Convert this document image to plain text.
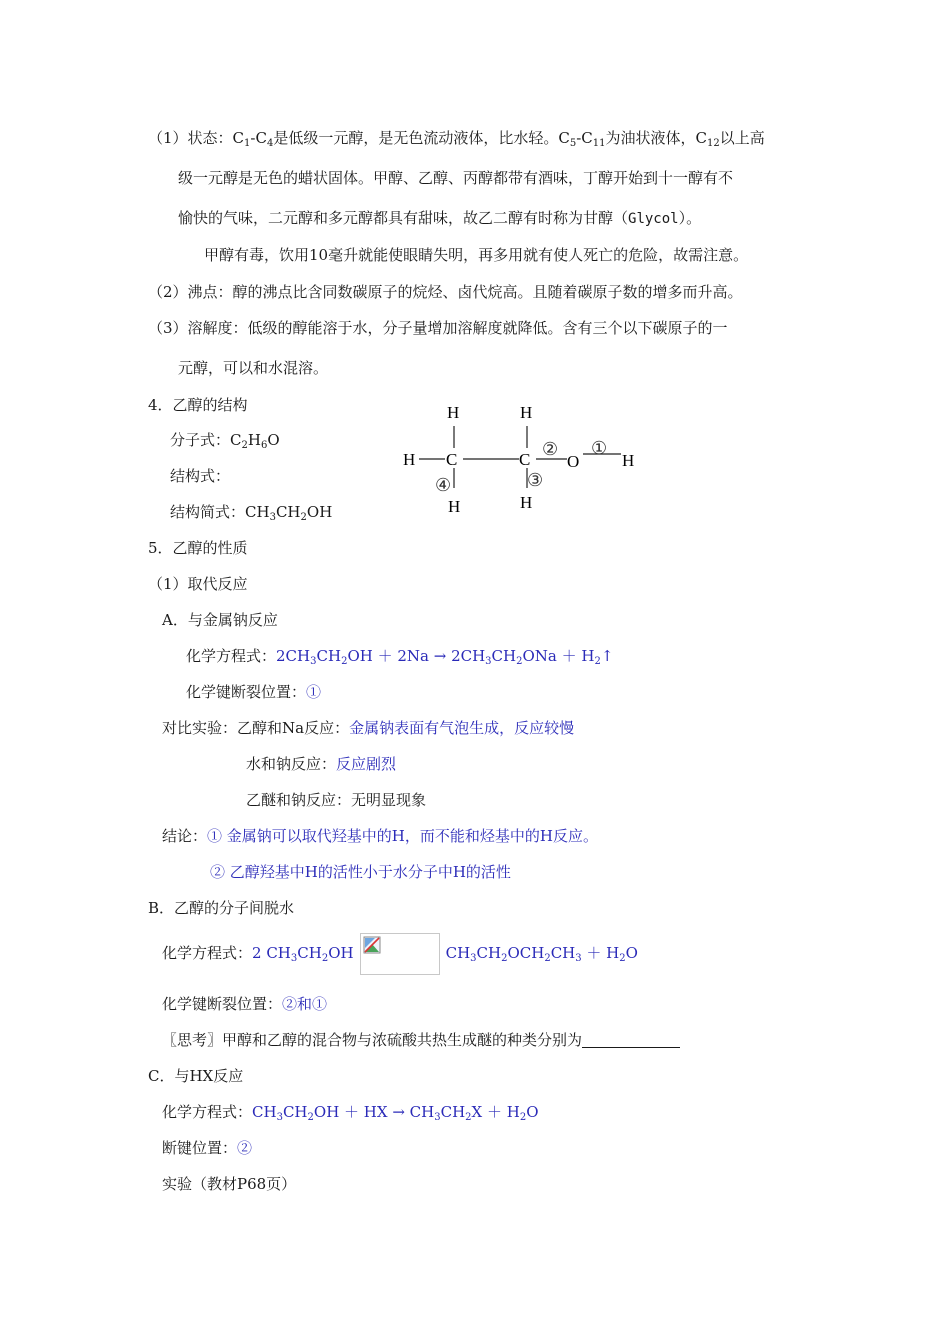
（1）状态：$C_1-C_4$是低级一元醇，是无色流动液体，比水轻。$C_5-C_{11}$为油状液体，$C_{12}$以上高
级一元醇是无色的蜡状固体。甲醇、乙醇、丙醇都带有酒味，丁醇开始到十一醇有不
愉快的气味，二元醇和多元醇都具有甜味，故乙二醇有时称为甘醇（Glycol）。
甲醇有毒，饮用10毫升就能使眼睛失明，再多用就有使人死亡的危险，故需注意。
（2）沸点：醇的沸点比含同数碳原子的烷烃、卤代烷高。且随着碳原子数的增多而升高。
（3）溶解度：低级的醇能溶于水，分子量增加溶解度就降低。含有三个以下碳原子的一
元醇，可以和水混溶。
4．乙醇的结构
分子式：$C_2H_6O$
结构式：
结构简式：$CH_3CH_2OH$
H	H
H C	C O	H
H	H
①
②
③
④
5．乙醇的性质
（1）取代反应
A．与金属钠反应
化学方程式：$2CH_3CH_2OH + 2Na \to 2CH_3CH_2ONa$ ＋ $H_2↑$
化学键断裂位置：①
对比实验：乙醇和Na反应：金属钠表面有气泡生成，反应较慢
水和钠反应：反应剧烈
乙醚和钠反应：无明显现象
结论：① 金属钠可以取代羟基中的H，而不能和烃基中的H反应。
② 乙醇羟基中H的活性小于水分子中H的活性
B．乙醇的分子间脱水
化学方程式：2 $CH_3CH_2OH$	$CH_3CH_2OCH_2CH_3 + H_2O$
化学键断裂位置：②和①
〖思考〗甲醇和乙醇的混合物与浓硫酸共热生成醚的种类分别为
C．与HX反应
化学方程式：$CH_3CH_2OH$ ＋ HX → $CH_3CH_2X + H_2O$
断键位置：②
实验（教材P68页）
